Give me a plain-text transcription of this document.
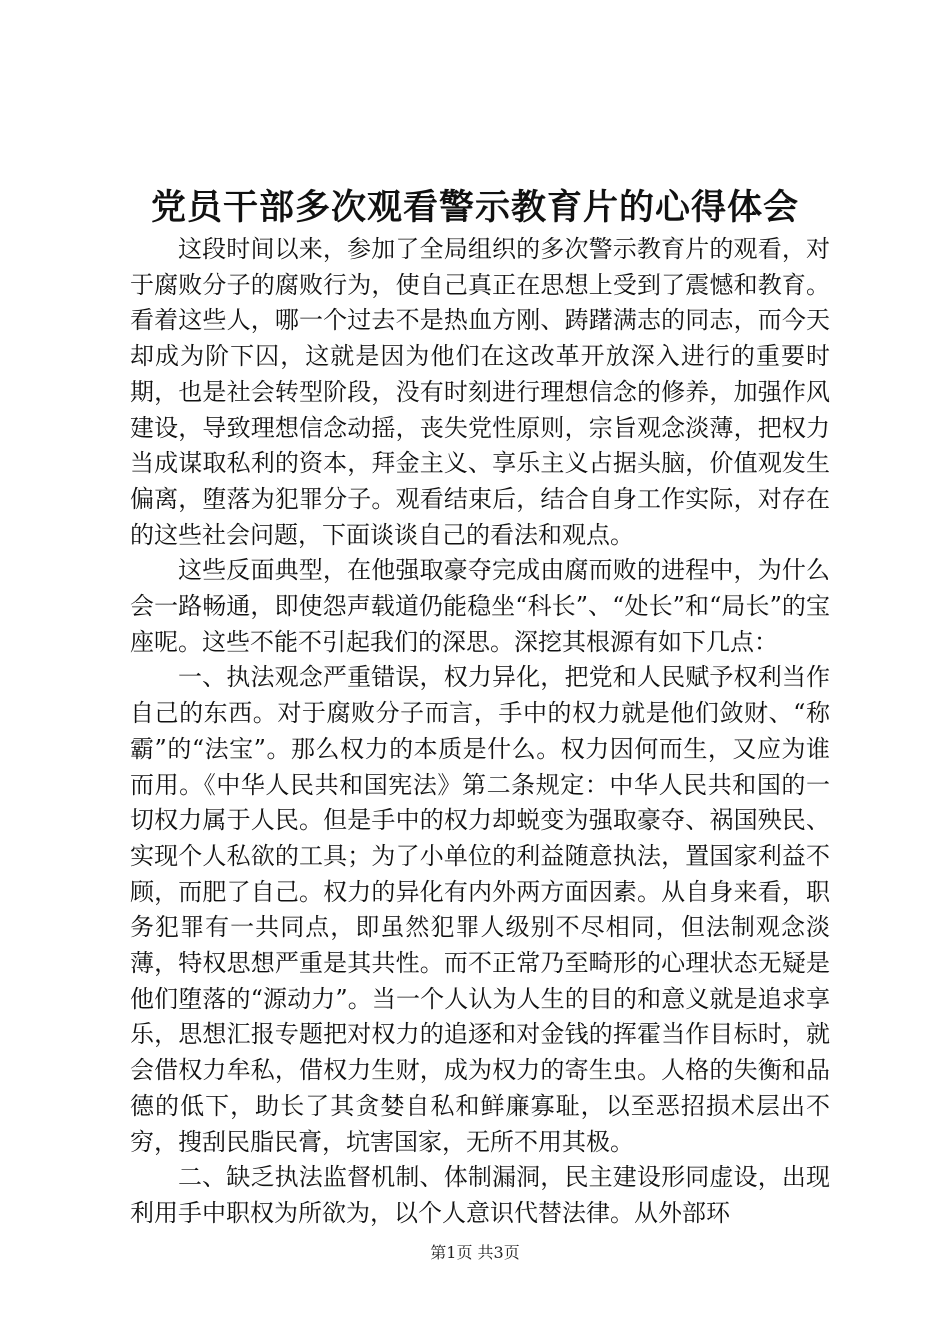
党员干部多次观看警示教育片的心得体会

这段时间以来，参加了全局组织的多次警示教育片的观看，对于腐败分子的腐败行为，使自己真正在思想上受到了震憾和教育。看着这些人，哪一个过去不是热血方刚、踌躇满志的同志，而今天却成为阶下囚，这就是因为他们在这改革开放深入进行的重要时期，也是社会转型阶段，没有时刻进行理想信念的修养，加强作风建设，导致理想信念动摇，丧失党性原则，宗旨观念淡薄，把权力当成谋取私利的资本，拜金主义、享乐主义占据头脑，价值观发生偏离，堕落为犯罪分子。观看结束后，结合自身工作实际，对存在的这些社会问题，下面谈谈自己的看法和观点。

这些反面典型，在他强取豪夺完成由腐而败的进程中，为什么会一路畅通，即使怨声载道仍能稳坐“科长”、“处长”和“局长”的宝座呢。这些不能不引起我们的深思。深挖其根源有如下几点：

一、执法观念严重错误，权力异化，把党和人民赋予权利当作自己的东西。对于腐败分子而言，手中的权力就是他们敛财、“称霸”的“法宝”。那么权力的本质是什么。权力因何而生，又应为谁而用。《中华人民共和国宪法》第二条规定：中华人民共和国的一切权力属于人民。但是手中的权力却蜕变为强取豪夺、祸国殃民、实现个人私欲的工具；为了小单位的利益随意执法，置国家利益不顾，而肥了自己。权力的异化有内外两方面因素。从自身来看，职务犯罪有一共同点，即虽然犯罪人级别不尽相同，但法制观念淡薄，特权思想严重是其共性。而不正常乃至畸形的心理状态无疑是他们堕落的“源动力”。当一个人认为人生的目的和意义就是追求享乐，思想汇报专题把对权力的追逐和对金钱的挥霍当作目标时，就会借权力牟私，借权力生财，成为权力的寄生虫。人格的失衡和品德的低下，助长了其贪婪自私和鲜廉寡耻，以至恶招损术层出不穷，搜刮民脂民膏，坑害国家，无所不用其极。

二、缺乏执法监督机制、体制漏洞，民主建设形同虚设，出现利用手中职权为所欲为，以个人意识代替法律。从外部环

第1页 共3页
